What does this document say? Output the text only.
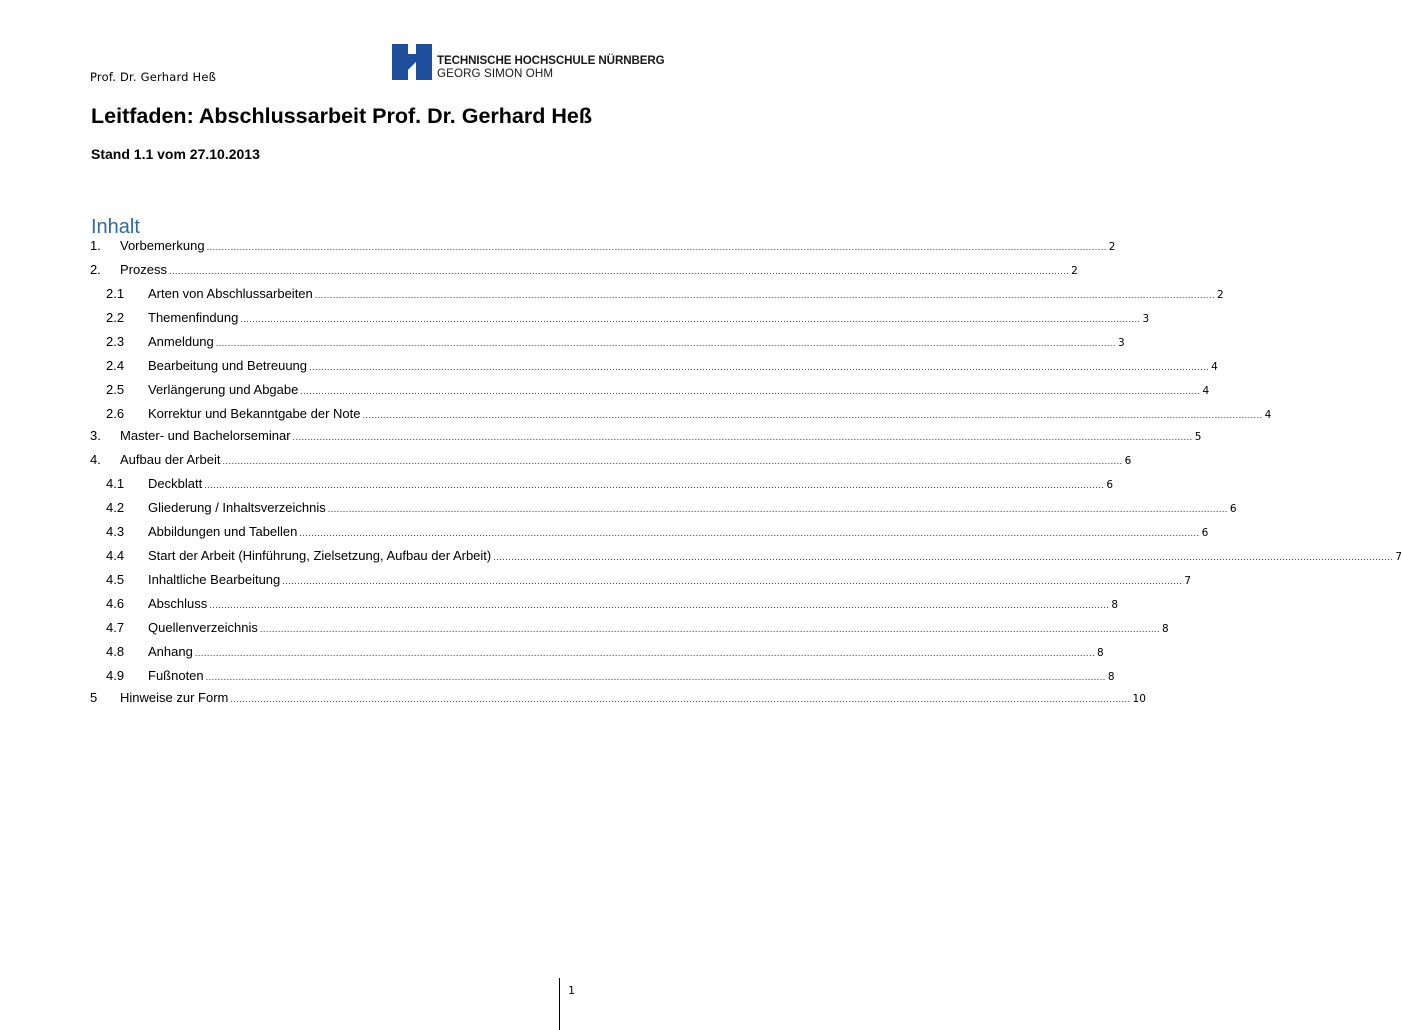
Prof. Dr. Gerhard Heß
TECHNISCHE HOCHSCHULE NÜRNBERG
GEORG SIMON OHM
Leitfaden: Abschlussarbeit Prof. Dr. Gerhard Heß
Stand 1.1 vom 27.10.2013
Inhalt
1.	Vorbemerkung ............................................................................................................................................................................................................................................................................................................ 2
2.	Prozess ............................................................................................................................................................................................................................................................................................................ 2
2.1	Arten von Abschlussarbeiten ............................................................................................................................................................................................................................................................................................................ 2
2.2	Themenfindung ............................................................................................................................................................................................................................................................................................................ 3
2.3	Anmeldung ............................................................................................................................................................................................................................................................................................................ 3
2.4	Bearbeitung und Betreuung ............................................................................................................................................................................................................................................................................................................ 4
2.5	Verlängerung und Abgabe ............................................................................................................................................................................................................................................................................................................ 4
2.6	Korrektur und Bekanntgabe der Note ............................................................................................................................................................................................................................................................................................................ 4
3.	Master- und Bachelorseminar ............................................................................................................................................................................................................................................................................................................ 5
4.	Aufbau der Arbeit ............................................................................................................................................................................................................................................................................................................ 6
4.1	Deckblatt ............................................................................................................................................................................................................................................................................................................ 6
4.2	Gliederung / Inhaltsverzeichnis ............................................................................................................................................................................................................................................................................................................ 6
4.3	Abbildungen und Tabellen ............................................................................................................................................................................................................................................................................................................ 6
4.4	Start der Arbeit (Hinführung, Zielsetzung, Aufbau der Arbeit) ............................................................................................................................................................................................................................................................................................................ 7
4.5	Inhaltliche Bearbeitung ............................................................................................................................................................................................................................................................................................................ 7
4.6	Abschluss ............................................................................................................................................................................................................................................................................................................ 8
4.7	Quellenverzeichnis ............................................................................................................................................................................................................................................................................................................ 8
4.8	Anhang ............................................................................................................................................................................................................................................................................................................ 8
4.9	Fußnoten ............................................................................................................................................................................................................................................................................................................ 8
5	Hinweise zur Form ............................................................................................................................................................................................................................................................................................................ 10
1
